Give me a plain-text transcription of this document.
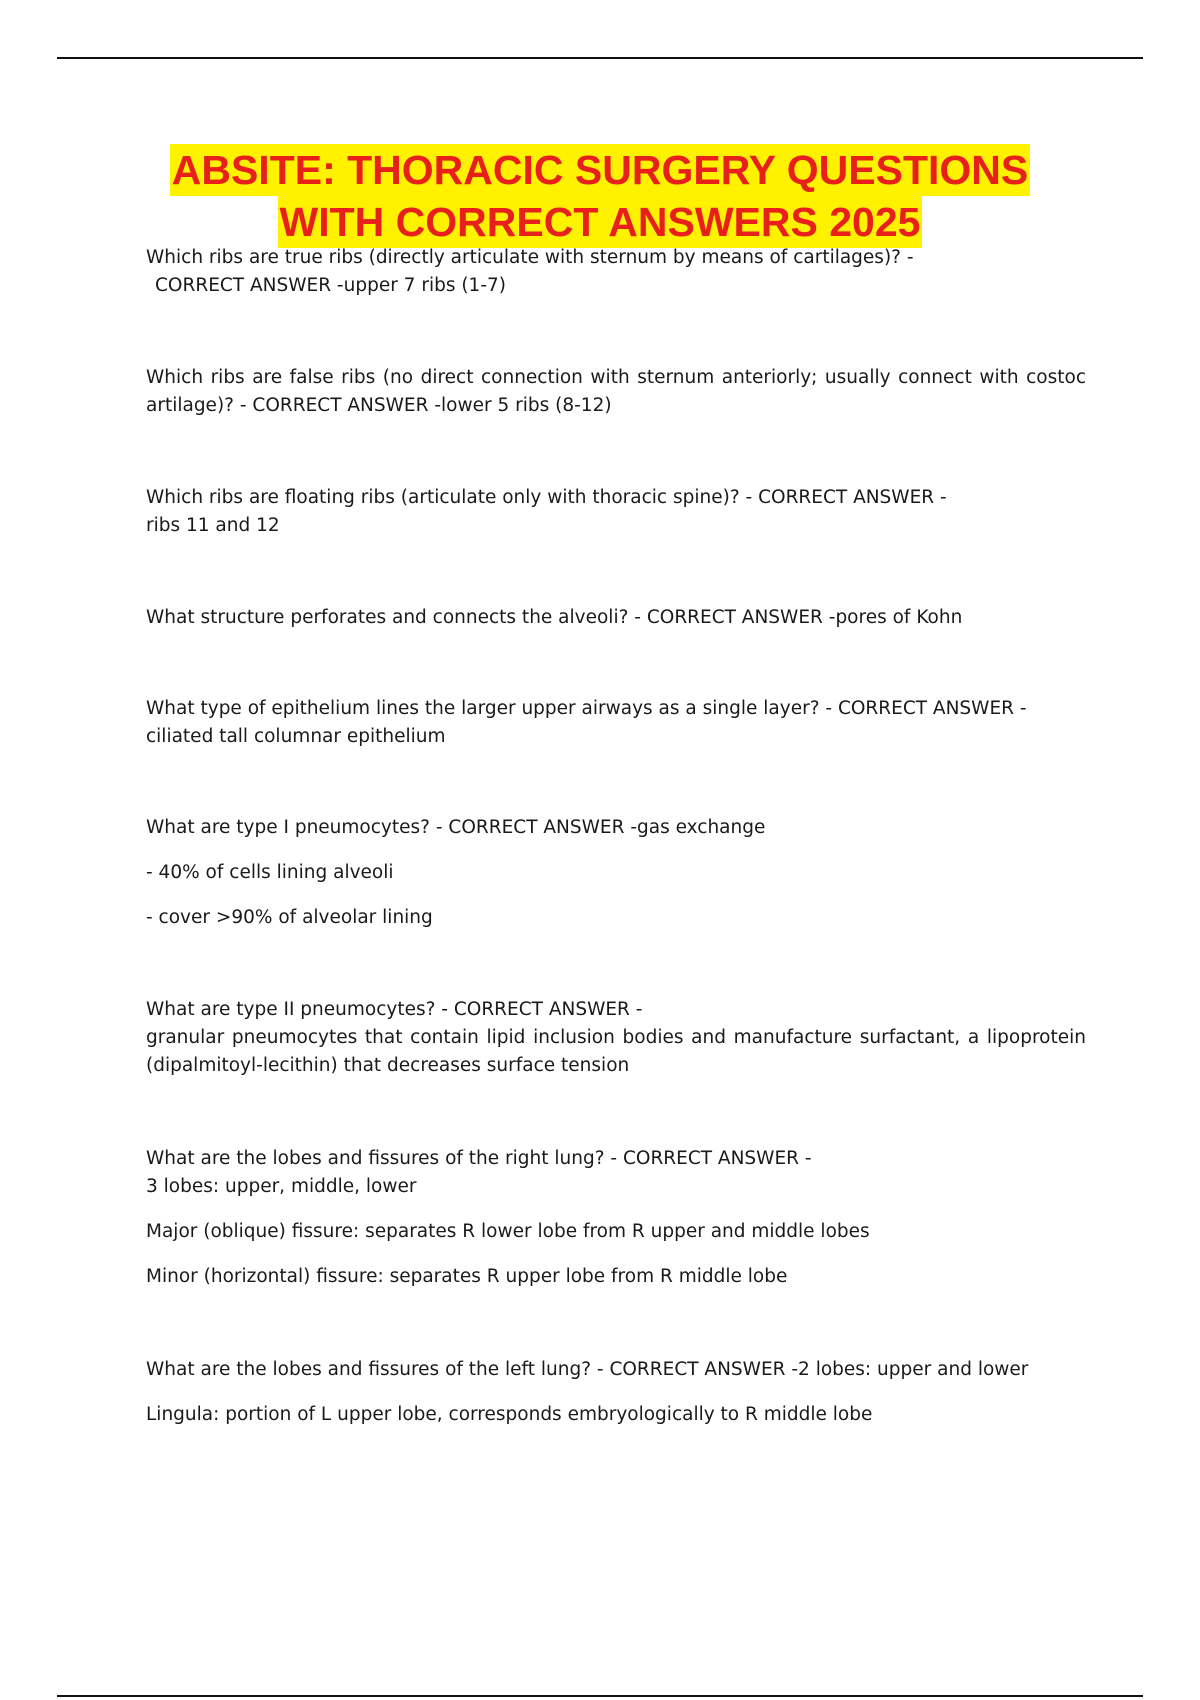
ABSITE: THORACIC SURGERY QUESTIONS
WITH CORRECT ANSWERS 2025

Which ribs are true ribs (directly articulate with sternum by means of cartilages)? -

CORRECT ANSWER -upper 7 ribs (1-7)

Which ribs are false ribs (no direct connection with sternum anteriorly; usually connect with costoc artilage)? - CORRECT ANSWER -lower 5 ribs (8-12)

Which ribs are floating ribs (articulate only with thoracic spine)? - CORRECT ANSWER -

ribs 11 and 12

What structure perforates and connects the alveoli? - CORRECT ANSWER -pores of Kohn

What type of epithelium lines the larger upper airways as a single layer? - CORRECT ANSWER -

ciliated tall columnar epithelium

What are type I pneumocytes? - CORRECT ANSWER -gas exchange

- 40% of cells lining alveoli

- cover >90% of alveolar lining

What are type II pneumocytes? - CORRECT ANSWER -

granular pneumocytes that contain lipid inclusion bodies and manufacture surfactant, a lipoprotein (dipalmitoyl-lecithin) that decreases surface tension

What are the lobes and fissures of the right lung? - CORRECT ANSWER -

3 lobes: upper, middle, lower

Major (oblique) fissure: separates R lower lobe from R upper and middle lobes

Minor (horizontal) fissure: separates R upper lobe from R middle lobe

What are the lobes and fissures of the left lung? - CORRECT ANSWER -2 lobes: upper and lower

Lingula: portion of L upper lobe, corresponds embryologically to R middle lobe
